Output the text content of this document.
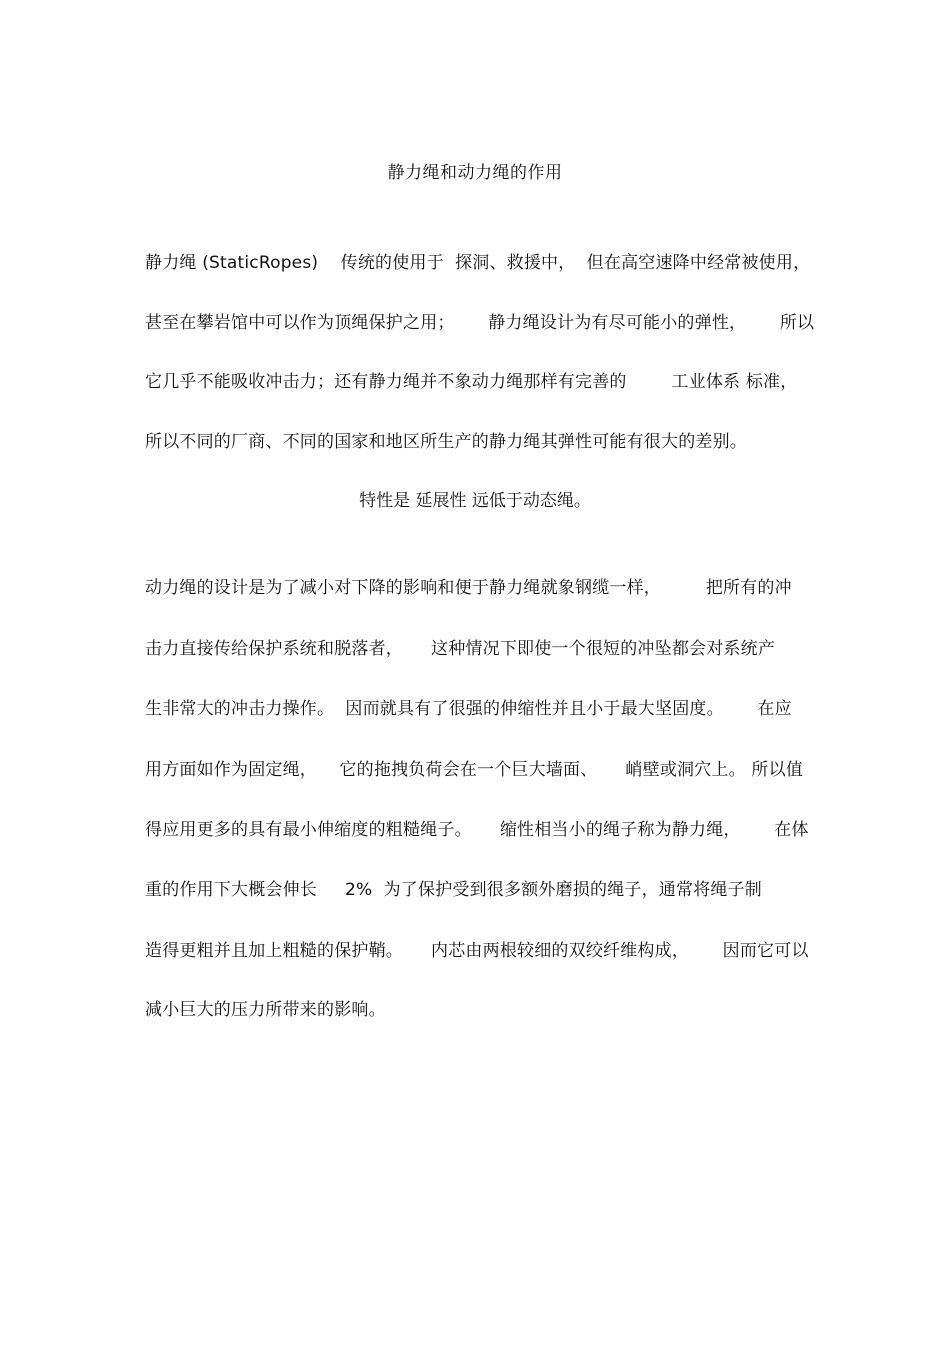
静力绳和动力绳的作用
静力绳 (StaticRopes)    传统的使用于  探洞、救援中，  但在高空速降中经常被使用，
甚至在攀岩馆中可以作为顶绳保护之用；      静力绳设计为有尽可能小的弹性，      所以
它几乎不能吸收冲击力；还有静力绳并不象动力绳那样有完善的        工业体系 标准，
所以不同的厂商、不同的国家和地区所生产的静力绳其弹性可能有很大的差别。
特性是 延展性 远低于动态绳。
动力绳的设计是为了减小对下降的影响和便于静力绳就象钢缆一样，        把所有的冲
击力直接传给保护系统和脱落者，     这种情况下即使一个很短的冲坠都会对系统产
生非常大的冲击力操作。  因而就具有了很强的伸缩性并且小于最大坚固度。      在应
用方面如作为固定绳，    它的拖拽负荷会在一个巨大墙面、     峭壁或洞穴上。 所以值
得应用更多的具有最小伸缩度的粗糙绳子。     缩性相当小的绳子称为静力绳，      在体
重的作用下大概会伸长     2%  为了保护受到很多额外磨损的绳子，通常将绳子制
造得更粗并且加上粗糙的保护鞘。     内芯由两根较细的双绞纤维构成，      因而它可以
减小巨大的压力所带来的影响。
